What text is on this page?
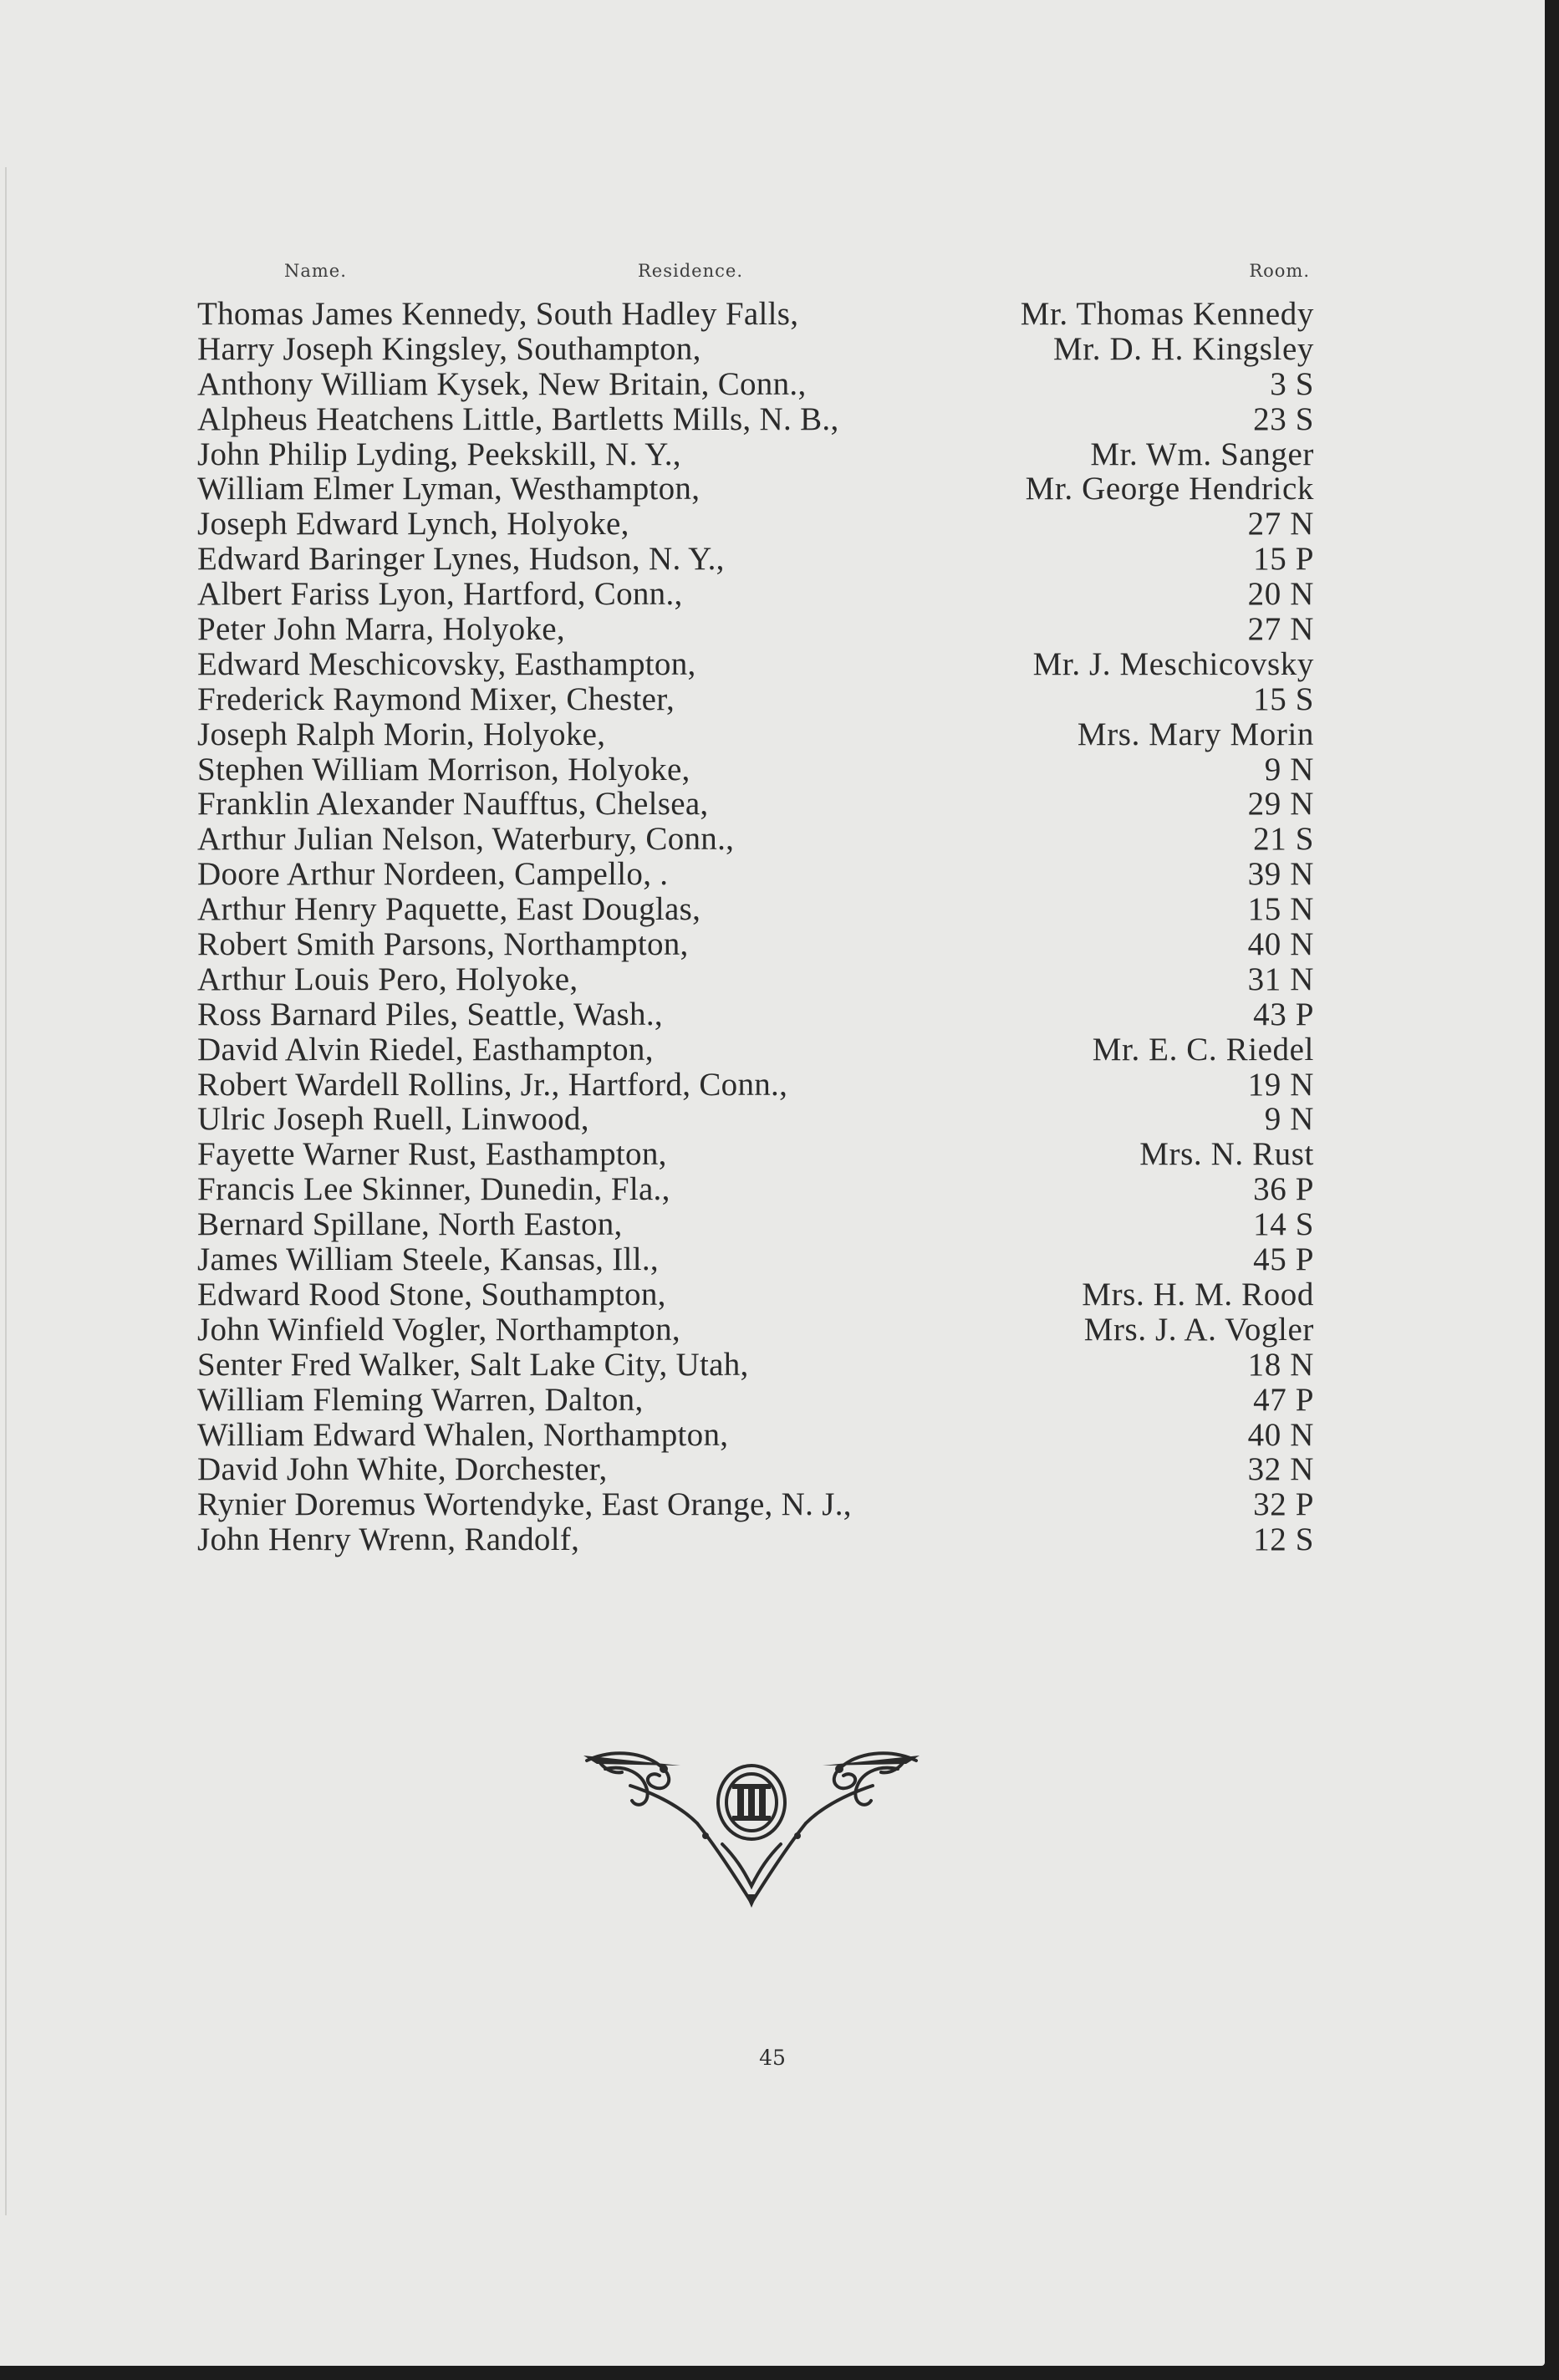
Name.	Residence.	Room.
Thomas James Kennedy, South Hadley Falls,	Mr. Thomas Kennedy
Harry Joseph Kingsley, Southampton,	Mr. D. H. Kingsley
Anthony William Kysek, New Britain, Conn.,	3 S
Alpheus Heatchens Little, Bartletts Mills, N. B.,	23 S
John Philip Lyding, Peekskill, N. Y.,	Mr. Wm. Sanger
William Elmer Lyman, Westhampton,	Mr. George Hendrick
Joseph Edward Lynch, Holyoke,	27 N
Edward Baringer Lynes, Hudson, N. Y.,	15 P
Albert Fariss Lyon, Hartford, Conn.,	20 N
Peter John Marra, Holyoke,	27 N
Edward Meschicovsky, Easthampton,	Mr. J. Meschicovsky
Frederick Raymond Mixer, Chester,	15 S
Joseph Ralph Morin, Holyoke,	Mrs. Mary Morin
Stephen William Morrison, Holyoke,	9 N
Franklin Alexander Naufftus, Chelsea,	29 N
Arthur Julian Nelson, Waterbury, Conn.,	21 S
Doore Arthur Nordeen, Campello, .	39 N
Arthur Henry Paquette, East Douglas,	15 N
Robert Smith Parsons, Northampton,	40 N
Arthur Louis Pero, Holyoke,	31 N
Ross Barnard Piles, Seattle, Wash.,	43 P
David Alvin Riedel, Easthampton,	Mr. E. C. Riedel
Robert Wardell Rollins, Jr., Hartford, Conn.,	19 N
Ulric Joseph Ruell, Linwood,	9 N
Fayette Warner Rust, Easthampton,	Mrs. N. Rust
Francis Lee Skinner, Dunedin, Fla.,	36 P
Bernard Spillane, North Easton,	14 S
James William Steele, Kansas, Ill.,	45 P
Edward Rood Stone, Southampton,	Mrs. H. M. Rood
John Winfield Vogler, Northampton,	Mrs. J. A. Vogler
Senter Fred Walker, Salt Lake City, Utah,	18 N
William Fleming Warren, Dalton,	47 P
William Edward Whalen, Northampton,	40 N
David John White, Dorchester,	32 N
Rynier Doremus Wortendyke, East Orange, N. J.,	32 P
John Henry Wrenn, Randolf,	12 S
45
